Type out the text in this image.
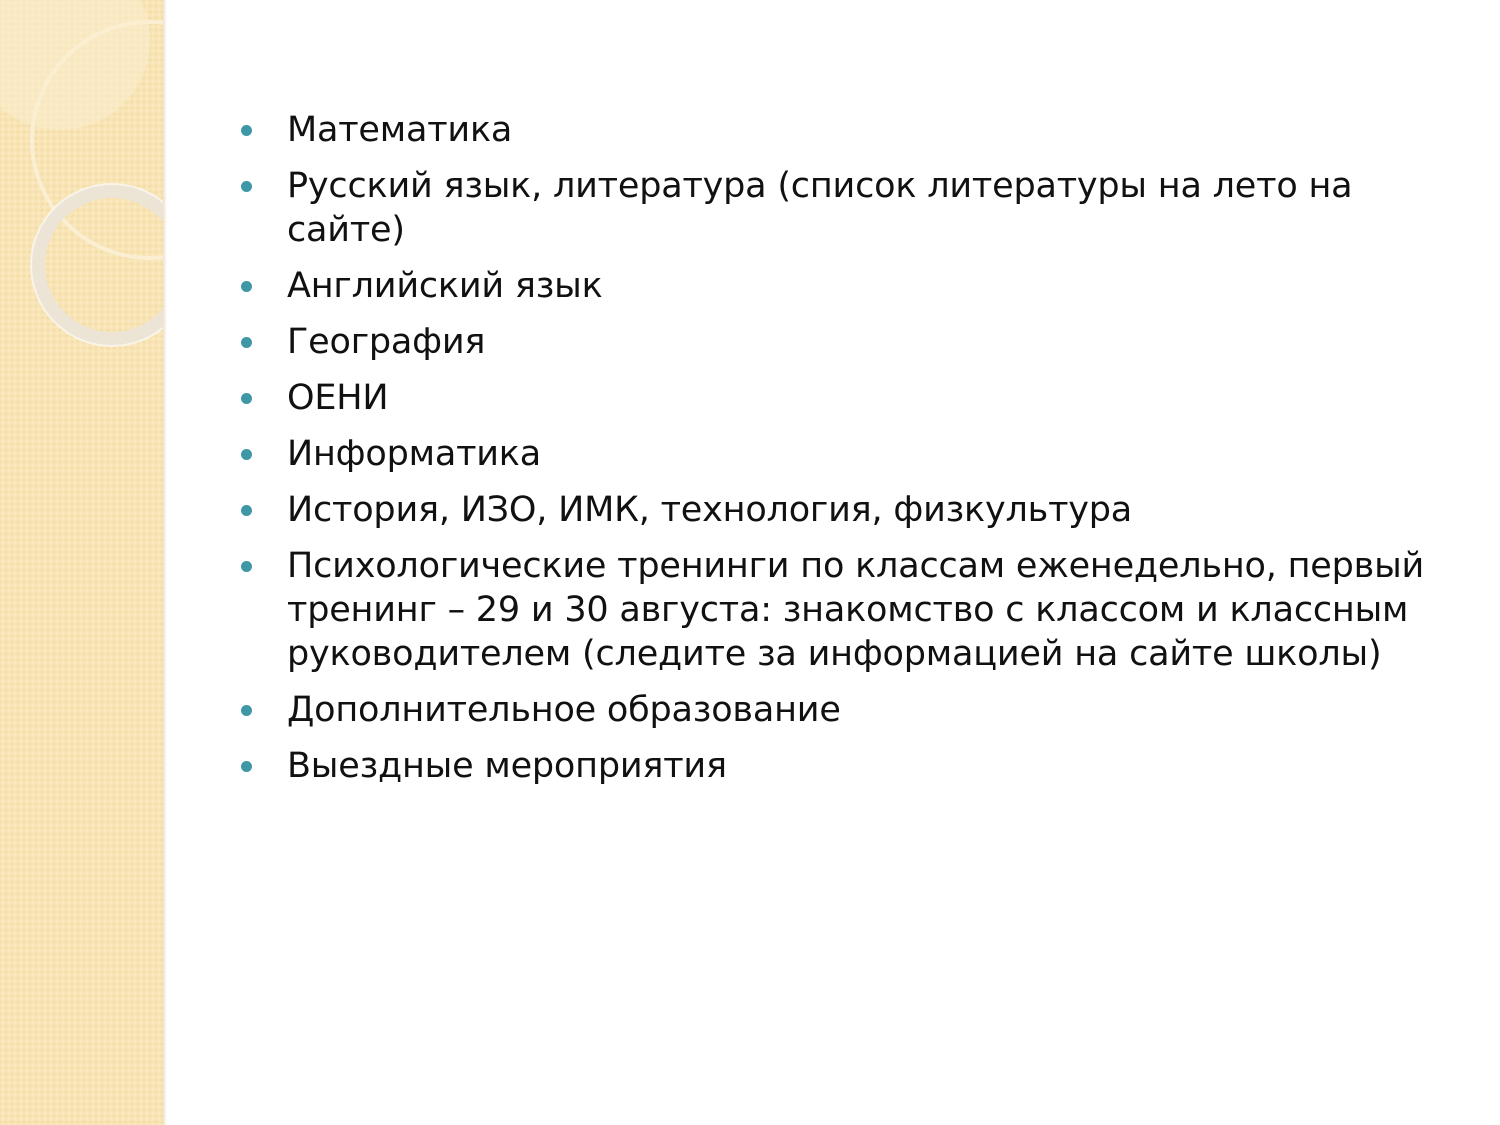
Математика
Русский язык, литература (список литературы на лето на сайте)
Английский язык
География
ОЕНИ
Информатика
История, ИЗО, ИМК, технология, физкультура
Психологические тренинги по классам еженедельно, первый тренинг – 29 и 30 августа: знакомство с классом и классным руководителем (следите за информацией на сайте школы)
Дополнительное образование
Выездные мероприятия
